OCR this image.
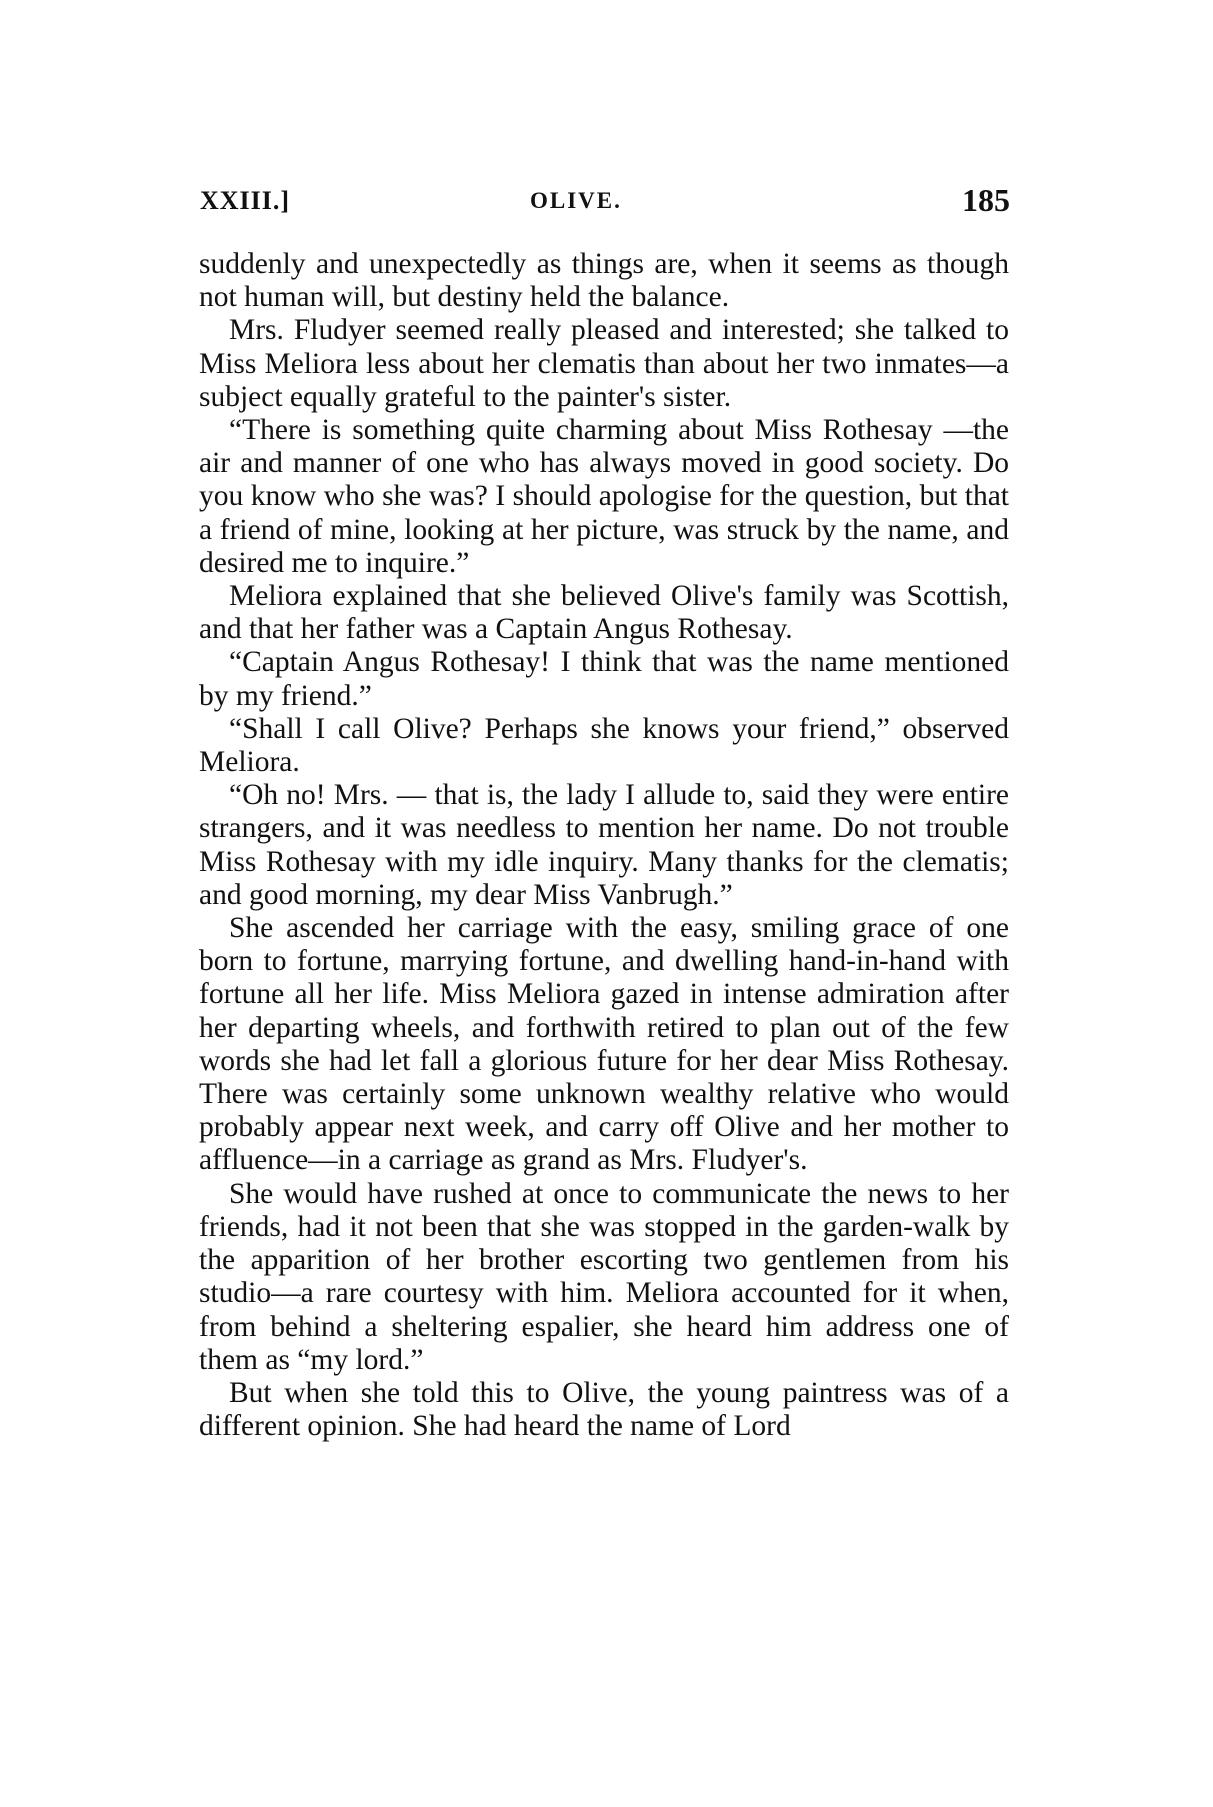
XXIII.]	OLIVE.	185

suddenly and unexpectedly as things are, when it seems as though not human will, but destiny held the balance.

Mrs. Fludyer seemed really pleased and interested; she talked to Miss Meliora less about her clematis than about her two inmates—a subject equally grateful to the painter's sister.

“There is something quite charming about Miss Rothesay —the air and manner of one who has always moved in good society. Do you know who she was? I should apologise for the question, but that a friend of mine, looking at her picture, was struck by the name, and desired me to inquire.”

Meliora explained that she believed Olive's family was Scottish, and that her father was a Captain Angus Rothesay.

“Captain Angus Rothesay! I think that was the name mentioned by my friend.”

“Shall I call Olive? Perhaps she knows your friend,” observed Meliora.

“Oh no! Mrs. — that is, the lady I allude to, said they were entire strangers, and it was needless to mention her name. Do not trouble Miss Rothesay with my idle inquiry. Many thanks for the clematis; and good morning, my dear Miss Vanbrugh.”

She ascended her carriage with the easy, smiling grace of one born to fortune, marrying fortune, and dwelling hand-in-hand with fortune all her life. Miss Meliora gazed in intense admiration after her departing wheels, and forthwith retired to plan out of the few words she had let fall a glorious future for her dear Miss Rothesay. There was certainly some unknown wealthy relative who would probably appear next week, and carry off Olive and her mother to affluence—in a carriage as grand as Mrs. Fludyer's.

She would have rushed at once to communicate the news to her friends, had it not been that she was stopped in the garden-walk by the apparition of her brother escorting two gentlemen from his studio—a rare courtesy with him. Meliora accounted for it when, from behind a sheltering espalier, she heard him address one of them as “my lord.”

But when she told this to Olive, the young paintress was of a different opinion. She had heard the name of Lord
